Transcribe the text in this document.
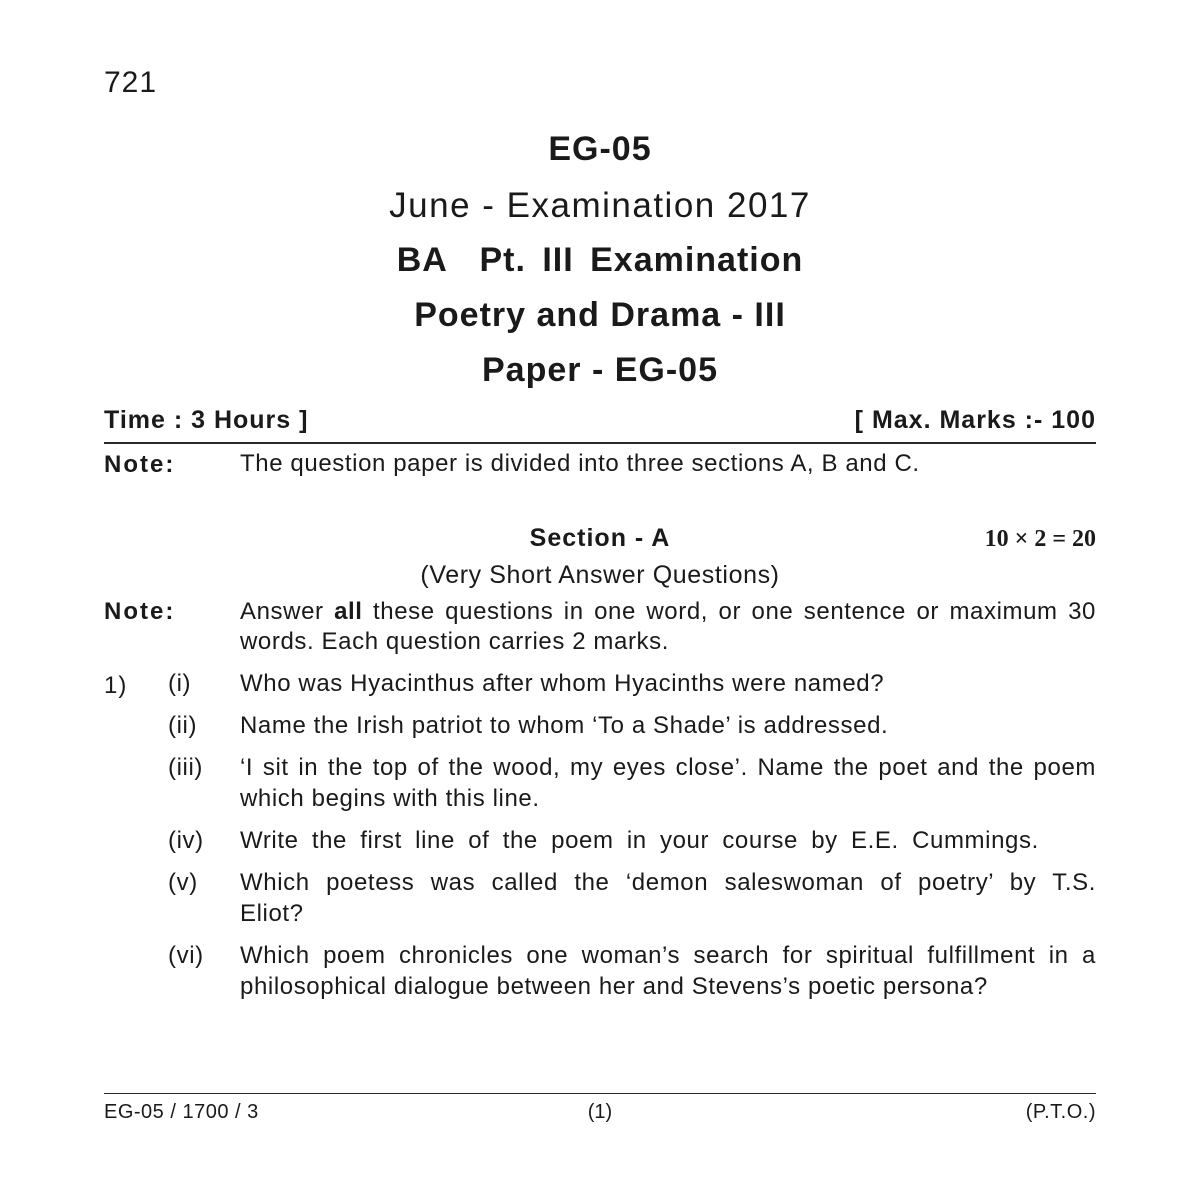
721
EG-05
June - Examination 2017
BA  Pt. III Examination
Poetry and Drama - III
Paper - EG-05
Time : 3 Hours ]	[ Max. Marks :- 100
Note:	The question paper is divided into three sections A, B and C.
Section - A	10 × 2 = 20
(Very Short Answer Questions)
Note:	Answer all these questions in one word, or one sentence or maximum 30 words. Each question carries 2 marks.
1) (i)	Who was Hyacinthus after whom Hyacinths were named?
(ii)	Name the Irish patriot to whom ‘To a Shade’ is addressed.
(iii)	‘I sit in the top of the wood, my eyes close’. Name the poet and the poem which begins with this line.
(iv)	Write the first line of the poem in your course by E.E. Cummings.
(v)	Which poetess was called the ‘demon saleswoman of poetry’ by T.S. Eliot?
(vi)	Which poem chronicles one woman’s search for spiritual fulfillment in a philosophical dialogue between her and Stevens’s poetic persona?
EG-05 / 1700 / 3	(1)	(P.T.O.)
